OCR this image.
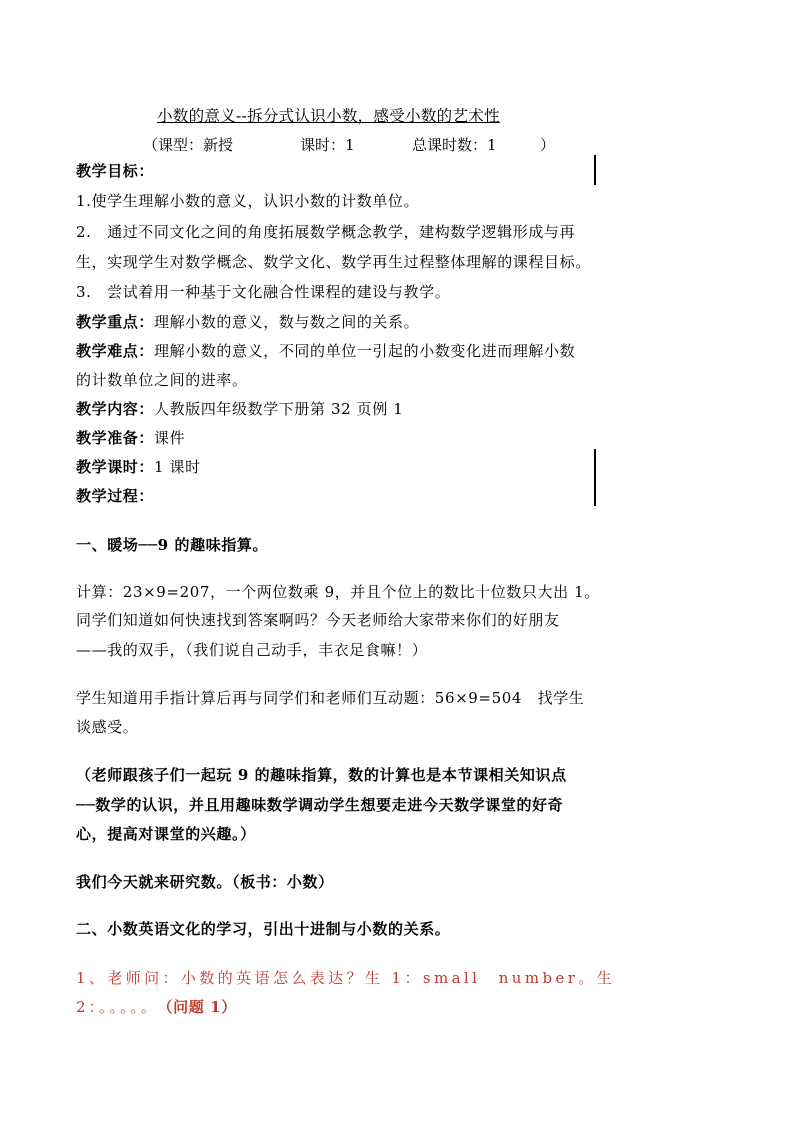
小数的意义--拆分式认识小数，感受小数的艺术性
（课型：新授	课时：1	总课时数：1	）
教学目标：
1.使学生理解小数的意义，认识小数的计数单位。
2.　通过不同文化之间的角度拓展数学概念教学，建构数学逻辑形成与再
生，实现学生对数学概念、数学文化、数学再生过程整体理解的课程目标。
3.　尝试着用一种基于文化融合性课程的建设与教学。
教学重点：理解小数的意义，数与数之间的关系。
教学难点：理解小数的意义，不同的单位一引起的小数变化进而理解小数
的计数单位之间的进率。
教学内容：人教版四年级数学下册第 32 页例 1
教学准备：课件
教学课时：1 课时
教学过程：
一、暖场──9 的趣味指算。
计算：23×9=207，一个两位数乘 9，并且个位上的数比十位数只大出 1。
同学们知道如何快速找到答案啊吗？今天老师给大家带来你们的好朋友
——我的双手，（我们说自己动手，丰衣足食嘛！）
学生知道用手指计算后再与同学们和老师们互动题：56×9=504　找学生
谈感受。
（老师跟孩子们一起玩 9 的趣味指算，数的计算也是本节课相关知识点
──数学的认识，并且用趣味数学调动学生想要走进今天数学课堂的好奇
心，提高对课堂的兴趣。）
我们今天就来研究数。（板书：小数）
二、小数英语文化的学习，引出十进制与小数的关系。
1、老师问：小数的英语怎么表达？生 1：small　number。生
2：。。。。。 （问题 1）
